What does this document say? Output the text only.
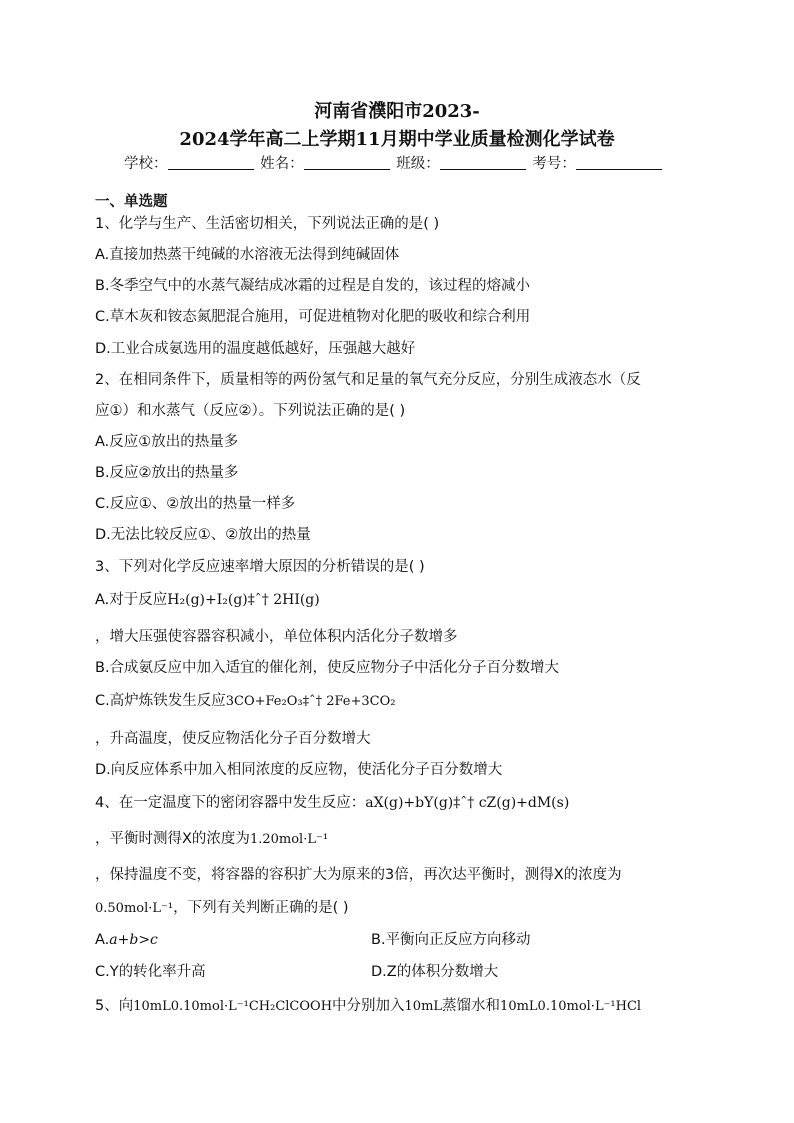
河南省濮阳市2023-
2024学年高二上学期11月期中学业质量检测化学试卷
学校：	姓名：	班级：	考号：
一、单选题
1、化学与生产、生活密切相关，下列说法正确的是( )
A.直接加热蒸干纯碱的水溶液无法得到纯碱固体
B.冬季空气中的水蒸气凝结成冰霜的过程是自发的，该过程的熔减小
C.草木灰和铵态氮肥混合施用，可促进植物对化肥的吸收和综合利用
D.工业合成氨选用的温度越低越好，压强越大越好
2、在相同条件下，质量相等的两份氢气和足量的氧气充分反应，分别生成液态水（反
应①）和水蒸气（反应②）。下列说法正确的是( )
A.反应①放出的热量多
B.反应②放出的热量多
C.反应①、②放出的热量一样多
D.无法比较反应①、②放出的热量
3、下列对化学反应速率增大原因的分析错误的是( )
A.对于反应H₂(g)+I₂(g)‡ˆ† 2HI(g)
，增大压强使容器容积减小，单位体积内活化分子数增多
B.合成氨反应中加入适宜的催化剂，使反应物分子中活化分子百分数增大
C.高炉炼铁发生反应3CO+Fe₂O₃‡ˆ† 2Fe+3CO₂
，升高温度，使反应物活化分子百分数增大
D.向反应体系中加入相同浓度的反应物，使活化分子百分数增大
4、在一定温度下的密闭容器中发生反应：aX(g)+bY(g)‡ˆ† cZ(g)+dM(s)
，平衡时测得X的浓度为1.20mol·L⁻¹
，保持温度不变，将容器的容积扩大为原来的3倍，再次达平衡时，测得X的浓度为
0.50mol·L⁻¹，下列有关判断正确的是( )
A.a+b>c	B.平衡向正反应方向移动
C.Y的转化率升高	D.Z的体积分数增大
5、向10mL0.10mol·L⁻¹CH₂ClCOOH中分别加入10mL蒸馏水和10mL0.10mol·L⁻¹HCl
